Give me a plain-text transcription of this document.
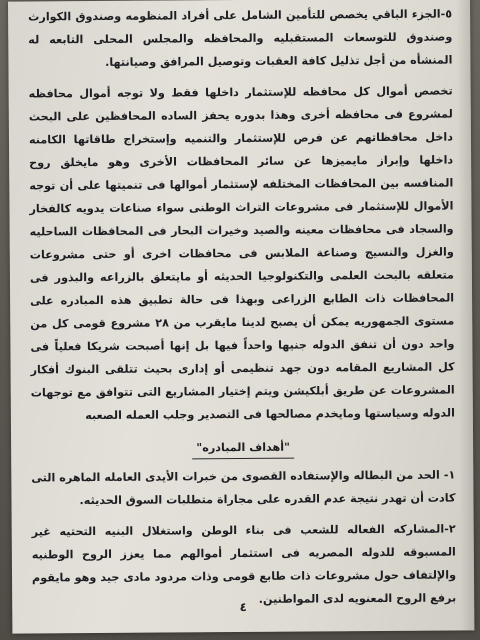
٥-الجزء الباقي يخصص للتأمين الشامل على أفراد المنظومه وصندوق الكوارث وصندوق للتوسعات المستقبليه والمحافظه والمجلس المحلى التابعه له المنشأه من أجل تذليل كافة العقبات وتوصيل المرافق وصيانتها.

تخصص أموال كل محافظه للإستثمار داخلها فقط ولا توجه أموال محافظه لمشروع فى محافظه أخرى وهذا بدوره يحفز الساده المحافظين على البحث داخل محافظاتهم عن فرص للإستثمار والتنميه وإستخراج طاقاتها الكامنه داخلها وإبراز مايميزها عن سائر المحافظات الأخرى وهو مايخلق روح المنافسه بين المحافظات المختلفه لإستثمار أموالها فى تنميتها على أن توجه الأموال للإستثمار فى مشروعات التراث الوطنى سواء صناعات يدويه كالفخار والسجاد فى محافظات معينه والصيد وخيرات البحار فى المحافظات الساحليه والغزل والنسيج وصناعة الملابس فى محافظات اخرى أو حتى مشروعات متعلقه بالبحث العلمى والتكنولوجيا الحديثه أو مايتعلق بالزراعه والبذور فى المحافظات ذات الطابع الزراعى وبهذا فى حالة تطبيق هذه المبادره على مستوى الجمهوريه يمكن أن يصبح لدينا مايقرب من ٢٨ مشروع قومى كل من واحد دون أن تنفق الدوله جنيها واحداً فيها بل إنها أصبحت شريكا فعلياً فى كل المشاريع المقامه دون جهد تنظيمى أو إدارى بحيث تتلقى البنوك أفكار المشروعات عن طريق أبلكيشن ويتم إختيار المشاريع التى تتوافق مع توجهات الدوله وسياستها ومايخدم مصالحها فى التصدير وجلب العمله الصعبه

"أهداف المبادره"

١- الحد من البطاله والإستفاده القصوى من خبرات الأيدى العامله الماهره التى كادت أن تهدر نتيجة عدم القدره على مجاراة متطلبات السوق الحديثه.

٢-المشاركه الفعاله للشعب فى بناء الوطن واستغلال البنيه التحتيه غير المسبوقه للدوله المصريه فى استثمار أموالهم مما يعزز الروح الوطنيه والإلتفاف حول مشروعات ذات طابع قومى وذات مردود مادى جيد وهو مايقوم برفع الروح المعنويه لدى المواطنين.

٤
